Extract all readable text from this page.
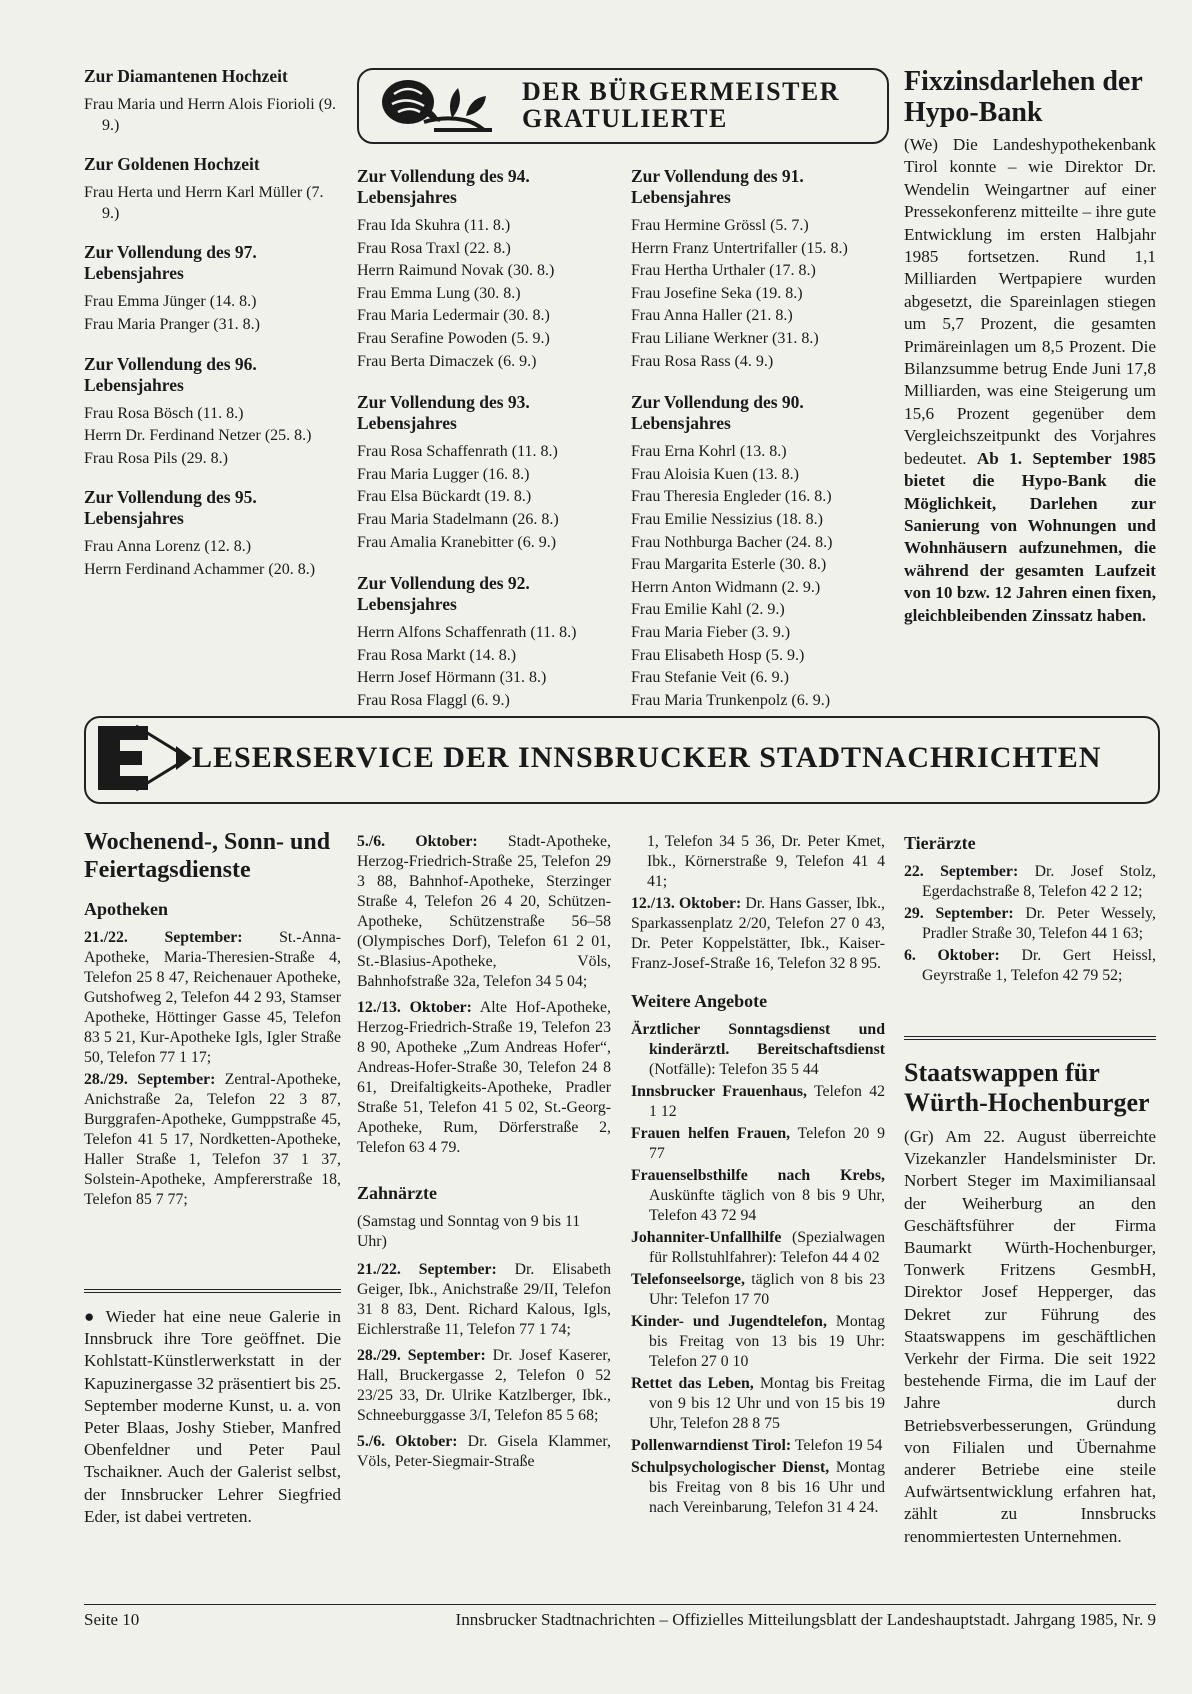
Zur Diamantenen Hochzeit

Frau Maria und Herrn Alois Fiorioli (9. 9.)

Zur Goldenen Hochzeit

Frau Herta und Herrn Karl Müller (7. 9.)

Zur Vollendung des 97. Lebensjahres

Frau Emma Jünger (14. 8.)

Frau Maria Pranger (31. 8.)

Zur Vollendung des 96. Lebensjahres

Frau Rosa Bösch (11. 8.)

Herrn Dr. Ferdinand Netzer (25. 8.)

Frau Rosa Pils (29. 8.)

Zur Vollendung des 95. Lebensjahres

Frau Anna Lorenz (12. 8.)

Herrn Ferdinand Achammer (20. 8.)

DER BÜRGERMEISTER
GRATULIERTE
Zur Vollendung des 94. Lebensjahres

Frau Ida Skuhra (11. 8.)

Frau Rosa Traxl (22. 8.)

Herrn Raimund Novak (30. 8.)

Frau Emma Lung (30. 8.)

Frau Maria Ledermair (30. 8.)

Frau Serafine Powoden (5. 9.)

Frau Berta Dimaczek (6. 9.)

Zur Vollendung des 93. Lebensjahres

Frau Rosa Schaffenrath (11. 8.)

Frau Maria Lugger (16. 8.)

Frau Elsa Bückardt (19. 8.)

Frau Maria Stadelmann (26. 8.)

Frau Amalia Kranebitter (6. 9.)

Zur Vollendung des 92. Lebensjahres

Herrn Alfons Schaffenrath (11. 8.)

Frau Rosa Markt (14. 8.)

Herrn Josef Hörmann (31. 8.)

Frau Rosa Flaggl (6. 9.)

Zur Vollendung des 91. Lebensjahres

Frau Hermine Grössl (5. 7.)

Herrn Franz Untertrifaller (15. 8.)

Frau Hertha Urthaler (17. 8.)

Frau Josefine Seka (19. 8.)

Frau Anna Haller (21. 8.)

Frau Liliane Werkner (31. 8.)

Frau Rosa Rass (4. 9.)

Zur Vollendung des 90. Lebensjahres

Frau Erna Kohrl (13. 8.)

Frau Aloisia Kuen (13. 8.)

Frau Theresia Engleder (16. 8.)

Frau Emilie Nessizius (18. 8.)

Frau Nothburga Bacher (24. 8.)

Frau Margarita Esterle (30. 8.)

Herrn Anton Widmann (2. 9.)

Frau Emilie Kahl (2. 9.)

Frau Maria Fieber (3. 9.)

Frau Elisabeth Hosp (5. 9.)

Frau Stefanie Veit (6. 9.)

Frau Maria Trunkenpolz (6. 9.)

Fixzinsdarlehen der Hypo-Bank
(We) Die Landeshypothekenbank Tirol konnte – wie Direktor Dr. Wendelin Weingartner auf einer Pressekonferenz mitteilte – ihre gute Entwicklung im ersten Halbjahr 1985 fortsetzen. Rund 1,1 Milliarden Wertpapiere wurden abgesetzt, die Spareinlagen stiegen um 5,7 Prozent, die gesamten Primäreinlagen um 8,5 Prozent. Die Bilanzsumme betrug Ende Juni 17,8 Milliarden, was eine Steigerung um 15,6 Prozent gegenüber dem Vergleichszeitpunkt des Vorjahres bedeutet. Ab 1. September 1985 bietet die Hypo-Bank die Möglichkeit, Darlehen zur Sanierung von Wohnungen und Wohnhäusern aufzunehmen, die während der gesamten Laufzeit von 10 bzw. 12 Jahren einen fixen, gleichbleibenden Zinssatz haben.
LESERSERVICE DER INNSBRUCKER STADTNACHRICHTEN
Wochenend-, Sonn- und Feiertagsdienste
Apotheken

21./22. September: St.-Anna-Apotheke, Maria-Theresien-Straße 4, Telefon 25 8 47, Reichenauer Apotheke, Gutshofweg 2, Telefon 44 2 93, Stamser Apotheke, Höttinger Gasse 45, Telefon 83 5 21, Kur-Apotheke Igls, Igler Straße 50, Telefon 77 1 17;

28./29. September: Zentral-Apotheke, Anichstraße 2a, Telefon 22 3 87, Burggrafen-Apotheke, Gumppstraße 45, Telefon 41 5 17, Nordketten-Apotheke, Haller Straße 1, Telefon 37 1 37, Solstein-Apotheke, Ampfererstraße 18, Telefon 85 7 77;

● Wieder hat eine neue Galerie in Innsbruck ihre Tore geöffnet. Die Kohlstatt-Künstlerwerkstatt in der Kapuzinergasse 32 präsentiert bis 25. September moderne Kunst, u. a. von Peter Blaas, Joshy Stieber, Manfred Obenfeldner und Peter Paul Tschaikner. Auch der Galerist selbst, der Innsbrucker Lehrer Siegfried Eder, ist dabei vertreten.

5./6. Oktober: Stadt-Apotheke, Herzog-Friedrich-Straße 25, Telefon 29 3 88, Bahnhof-Apotheke, Sterzinger Straße 4, Telefon 26 4 20, Schützen-Apotheke, Schützenstraße 56–58 (Olympisches Dorf), Telefon 61 2 01, St.-Blasius-Apotheke, Völs, Bahnhofstraße 32a, Telefon 34 5 04;

12./13. Oktober: Alte Hof-Apotheke, Herzog-Friedrich-Straße 19, Telefon 23 8 90, Apotheke „Zum Andreas Hofer“, Andreas-Hofer-Straße 30, Telefon 24 8 61, Dreifaltigkeits-Apotheke, Pradler Straße 51, Telefon 41 5 02, St.-Georg-Apotheke, Rum, Dörferstraße 2, Telefon 63 4 79.

Zahnärzte

(Samstag und Sonntag von 9 bis 11 Uhr)

21./22. September: Dr. Elisabeth Geiger, Ibk., Anichstraße 29/II, Telefon 31 8 83, Dent. Richard Kalous, Igls, Eichlerstraße 11, Telefon 77 1 74;

28./29. September: Dr. Josef Kaserer, Hall, Bruckergasse 2, Telefon 0 52 23/25 33, Dr. Ulrike Katzlberger, Ibk., Schneeburggasse 3/I, Telefon 85 5 68;

5./6. Oktober: Dr. Gisela Klammer, Völs, Peter-Siegmair-Straße

1, Telefon 34 5 36, Dr. Peter Kmet, Ibk., Körnerstraße 9, Telefon 41 4 41;

12./13. Oktober: Dr. Hans Gasser, Ibk., Sparkassenplatz 2/20, Telefon 27 0 43, Dr. Peter Koppelstätter, Ibk., Kaiser-Franz-Josef-Straße 16, Telefon 32 8 95.

Weitere Angebote

Ärztlicher Sonntagsdienst und kinderärztl. Bereitschaftsdienst (Notfälle): Telefon 35 5 44

Innsbrucker Frauenhaus, Telefon 42 1 12

Frauen helfen Frauen, Telefon 20 9 77

Frauenselbsthilfe nach Krebs, Auskünfte täglich von 8 bis 9 Uhr, Telefon 43 72 94

Johanniter-Unfallhilfe (Spezialwagen für Rollstuhlfahrer): Telefon 44 4 02

Telefonseelsorge, täglich von 8 bis 23 Uhr: Telefon 17 70

Kinder- und Jugendtelefon, Montag bis Freitag von 13 bis 19 Uhr: Telefon 27 0 10

Rettet das Leben, Montag bis Freitag von 9 bis 12 Uhr und von 15 bis 19 Uhr, Telefon 28 8 75

Pollenwarndienst Tirol: Telefon 19 54

Schulpsychologischer Dienst, Montag bis Freitag von 8 bis 16 Uhr und nach Vereinbarung, Telefon 31 4 24.

Tierärzte

22. September: Dr. Josef Stolz, Egerdachstraße 8, Telefon 42 2 12;

29. September: Dr. Peter Wessely, Pradler Straße 30, Telefon 44 1 63;

6. Oktober: Dr. Gert Heissl, Geyrstraße 1, Telefon 42 79 52;

Staatswappen für Würth-Hochenburger
(Gr) Am 22. August überreichte Vizekanzler Handelsminister Dr. Norbert Steger im Maximiliansaal der Weiherburg an den Geschäftsführer der Firma Baumarkt Würth-Hochenburger, Tonwerk Fritzens GesmbH, Direktor Josef Hepperger, das Dekret zur Führung des Staatswappens im geschäftlichen Verkehr der Firma. Die seit 1922 bestehende Firma, die im Lauf der Jahre durch Betriebsverbesserungen, Gründung von Filialen und Übernahme anderer Betriebe eine steile Aufwärtsentwicklung erfahren hat, zählt zu Innsbrucks renommiertesten Unternehmen.
Seite 10	Innsbrucker Stadtnachrichten – Offizielles Mitteilungsblatt der Landeshauptstadt. Jahrgang 1985, Nr. 9
